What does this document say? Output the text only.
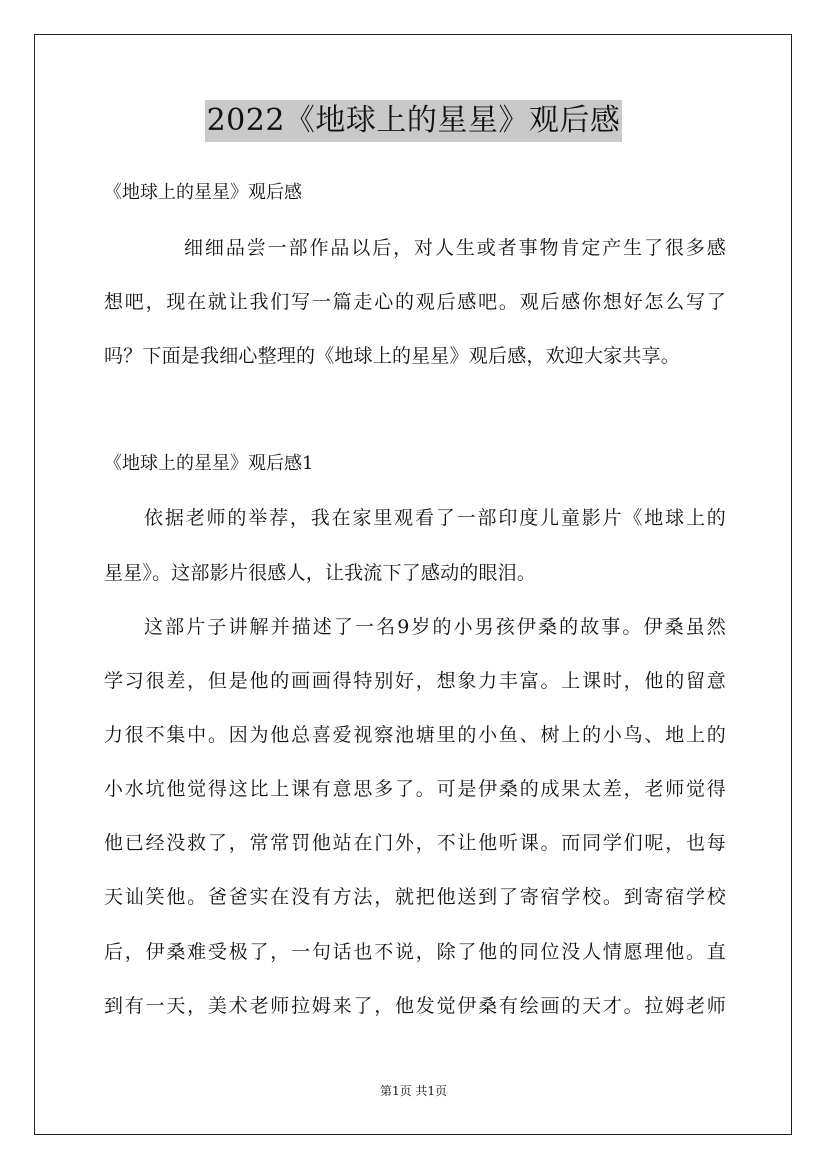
2022《地球上的星星》观后感
《地球上的星星》观后感
细细品尝一部作品以后，对人生或者事物肯定产生了很多感
想吧，现在就让我们写一篇走心的观后感吧。观后感你想好怎么写了
吗？下面是我细心整理的《地球上的星星》观后感，欢迎大家共享。
《地球上的星星》观后感1
依据老师的举荐，我在家里观看了一部印度儿童影片《地球上的
星星》。这部影片很感人，让我流下了感动的眼泪。
这部片子讲解并描述了一名9岁的小男孩伊桑的故事。伊桑虽然
学习很差，但是他的画画得特别好，想象力丰富。上课时，他的留意
力很不集中。因为他总喜爱视察池塘里的小鱼、树上的小鸟、地上的
小水坑他觉得这比上课有意思多了。可是伊桑的成果太差，老师觉得
他已经没救了，常常罚他站在门外，不让他听课。而同学们呢，也每
天讪笑他。爸爸实在没有方法，就把他送到了寄宿学校。到寄宿学校
后，伊桑难受极了，一句话也不说，除了他的同位没人情愿理他。直
到有一天，美术老师拉姆来了，他发觉伊桑有绘画的天才。拉姆老师
第1页 共1页
